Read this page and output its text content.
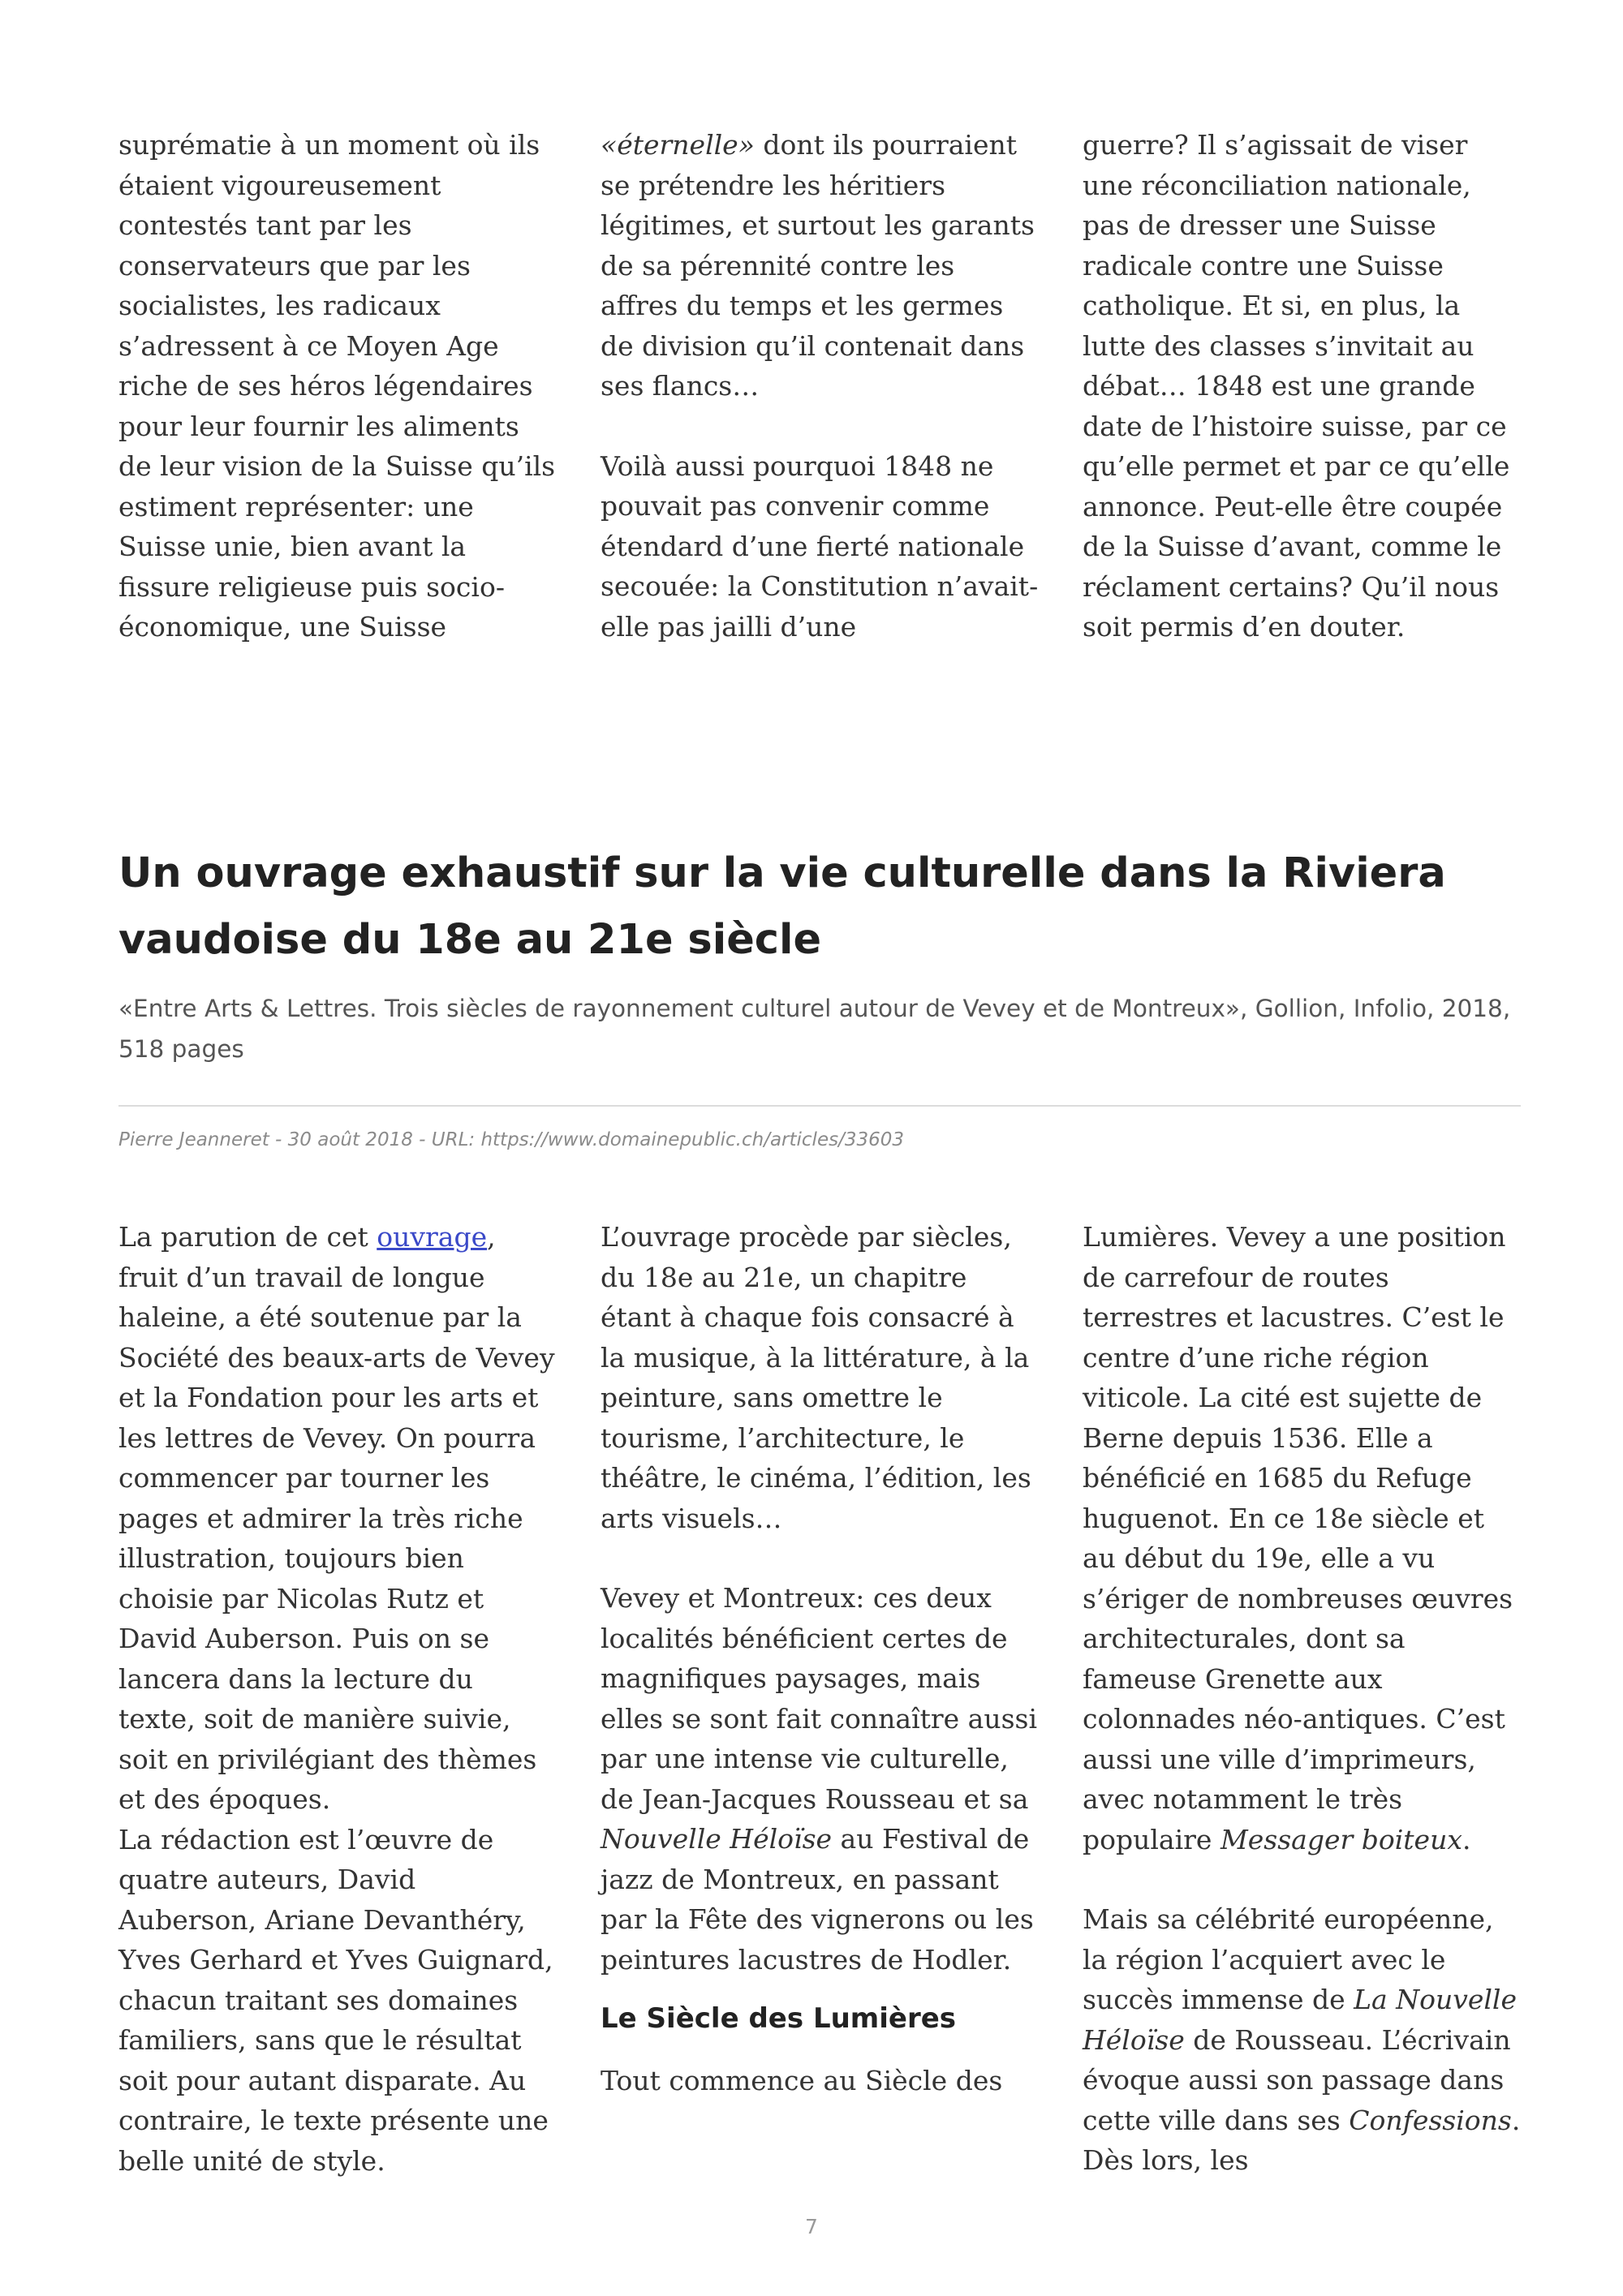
suprématie à un moment où ils étaient vigoureusement contestés tant par les conservateurs que par les socialistes, les radicaux s’adressent à ce Moyen Age riche de ses héros légendaires pour leur fournir les aliments de leur vision de la Suisse qu’ils estiment représenter: une Suisse unie, bien avant la fissure religieuse puis socio-économique, une Suisse

«éternelle» dont ils pourraient se prétendre les héritiers légitimes, et surtout les garants de sa pérennité contre les affres du temps et les germes de division qu’il contenait dans ses flancs…

Voilà aussi pourquoi 1848 ne pouvait pas convenir comme étendard d’une fierté nationale secouée: la Constitution n’avait-elle pas jailli d’une

guerre? Il s’agissait de viser une réconciliation nationale, pas de dresser une Suisse radicale contre une Suisse catholique. Et si, en plus, la lutte des classes s’invitait au débat… 1848 est une grande date de l’histoire suisse, par ce qu’elle permet et par ce qu’elle annonce. Peut-elle être coupée de la Suisse d’avant, comme le réclament certains? Qu’il nous soit permis d’en douter.

Un ouvrage exhaustif sur la vie culturelle dans la Riviera vaudoise du 18e au 21e siècle

«Entre Arts & Lettres. Trois siècles de rayonnement culturel autour de Vevey et de Montreux», Gollion, Infolio, 2018, 518 pages

Pierre Jeanneret - 30 août 2018 - URL: https://www.domainepublic.ch/articles/33603

La parution de cet ouvrage, fruit d’un travail de longue haleine, a été soutenue par la Société des beaux-arts de Vevey et la Fondation pour les arts et les lettres de Vevey. On pourra commencer par tourner les pages et admirer la très riche illustration, toujours bien choisie par Nicolas Rutz et David Auberson. Puis on se lancera dans la lecture du texte, soit de manière suivie, soit en privilégiant des thèmes et des époques.

La rédaction est l’œuvre de quatre auteurs, David Auberson, Ariane Devanthéry, Yves Gerhard et Yves Guignard, chacun traitant ses domaines familiers, sans que le résultat soit pour autant disparate. Au contraire, le texte présente une belle unité de style.

L’ouvrage procède par siècles, du 18e au 21e, un chapitre étant à chaque fois consacré à la musique, à la littérature, à la peinture, sans omettre le tourisme, l’architecture, le théâtre, le cinéma, l’édition, les arts visuels…

Vevey et Montreux: ces deux localités bénéficient certes de magnifiques paysages, mais elles se sont fait connaître aussi par une intense vie culturelle, de Jean-Jacques Rousseau et sa Nouvelle Héloïse au Festival de jazz de Montreux, en passant par la Fête des vignerons ou les peintures lacustres de Hodler.

Le Siècle des Lumières

Tout commence au Siècle des

Lumières. Vevey a une position de carrefour de routes terrestres et lacustres. C’est le centre d’une riche région viticole. La cité est sujette de Berne depuis 1536. Elle a bénéficié en 1685 du Refuge huguenot. En ce 18e siècle et au début du 19e, elle a vu s’ériger de nombreuses œuvres architecturales, dont sa fameuse Grenette aux colonnades néo-antiques. C’est aussi une ville d’imprimeurs, avec notamment le très populaire Messager boiteux.

Mais sa célébrité européenne, la région l’acquiert avec le succès immense de La Nouvelle Héloïse de Rousseau. L’écrivain évoque aussi son passage dans cette ville dans ses Confessions. Dès lors, les

7
